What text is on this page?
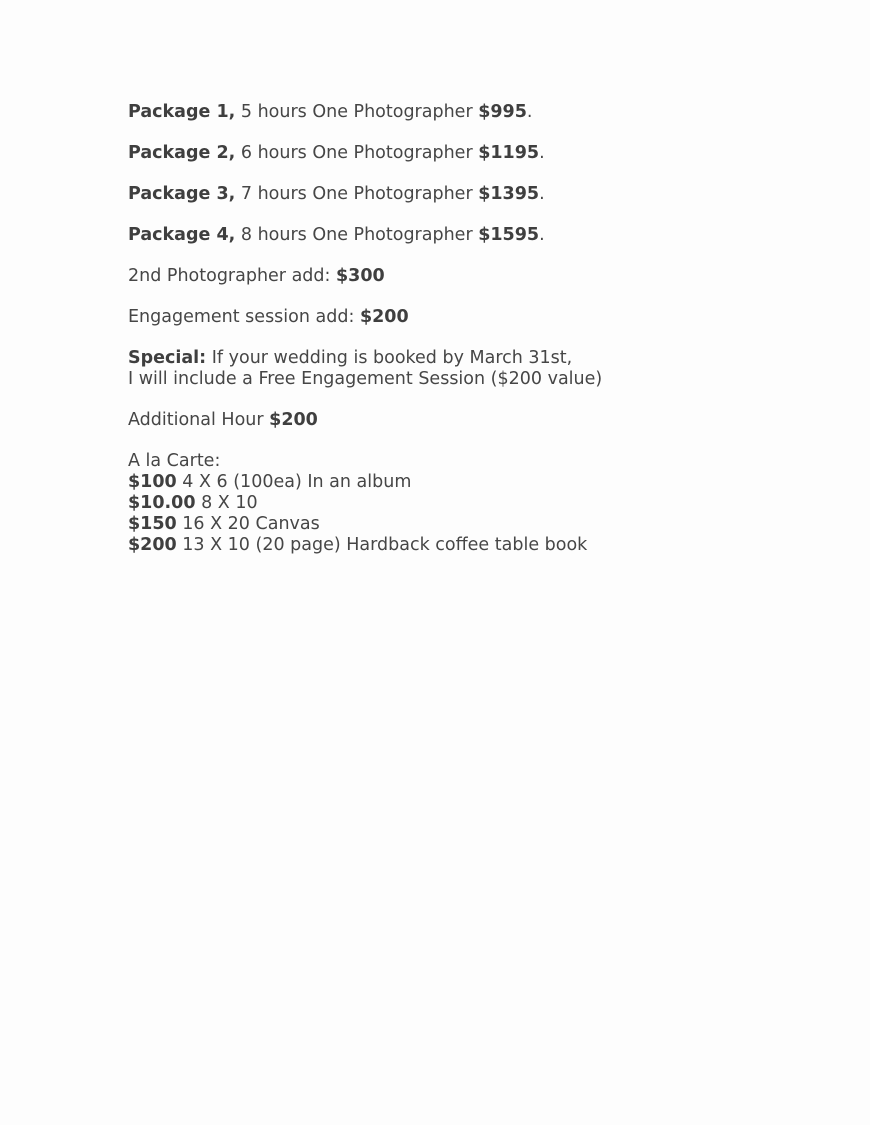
Package 1, 5 hours One Photographer $995.
Package 2, 6 hours One Photographer $1195.
Package 3, 7 hours One Photographer $1395.
Package 4, 8 hours One Photographer $1595.
2nd Photographer add: $300
Engagement session add: $200
Special: If your wedding is booked by March 31st,
I will include a Free Engagement Session ($200 value)
Additional Hour $200
A la Carte:
$100 4 X 6 (100ea) In an album
$10.00 8 X 10
$150 16 X 20 Canvas
$200 13 X 10 (20 page) Hardback coffee table book
